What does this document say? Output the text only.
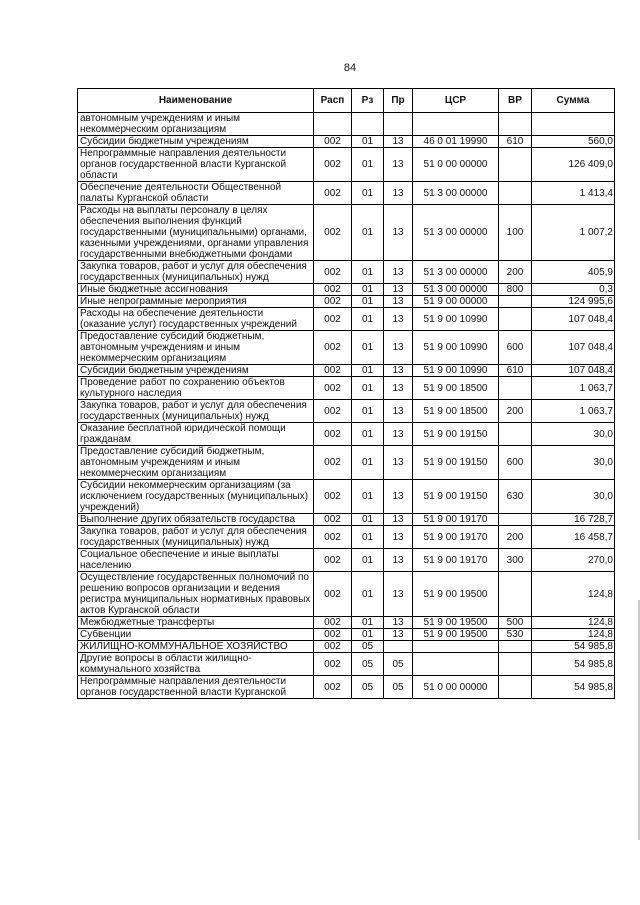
84
Наименование	Расп	Рз	Пр	ЦСР	ВР	Сумма
автономным учреждениям и иным некоммерческим организациям						
Субсидии бюджетным учреждениям	002	01	13	46 0 01 19990	610	560,0
Непрограммные направления деятельности органов государственной власти Курганской области	002	01	13	51 0 00 00000		126 409,0
Обеспечение деятельности Общественной палаты Курганской области	002	01	13	51 3 00 00000		1 413,4
Расходы на выплаты персоналу в целях обеспечения выполнения функций государственными (муниципальными) органами, казенными учреждениями, органами управления государственными внебюджетными фондами	002	01	13	51 3 00 00000	100	1 007,2
Закупка товаров, работ и услуг для обеспечения государственных (муниципальных) нужд	002	01	13	51 3 00 00000	200	405,9
Иные бюджетные ассигнования	002	01	13	51 3 00 00000	800	0,3
Иные непрограммные мероприятия	002	01	13	51 9 00 00000		124 995,6
Расходы на обеспечение деятельности (оказание услуг) государственных учреждений	002	01	13	51 9 00 10990		107 048,4
Предоставление субсидий бюджетным, автономным учреждениям и иным некоммерческим организациям	002	01	13	51 9 00 10990	600	107 048,4
Субсидии бюджетным учреждениям	002	01	13	51 9 00 10990	610	107 048,4
Проведение работ по сохранению объектов культурного наследия	002	01	13	51 9 00 18500		1 063,7
Закупка товаров, работ и услуг для обеспечения государственных (муниципальных) нужд	002	01	13	51 9 00 18500	200	1 063,7
Оказание бесплатной юридической помощи гражданам	002	01	13	51 9 00 19150		30,0
Предоставление субсидий бюджетным, автономным учреждениям и иным некоммерческим организациям	002	01	13	51 9 00 19150	600	30,0
Субсидии некоммерческим организациям (за исключением государственных (муниципальных) учреждений)	002	01	13	51 9 00 19150	630	30,0
Выполнение других обязательств государства	002	01	13	51 9 00 19170		16 728,7
Закупка товаров, работ и услуг для обеспечения государственных (муниципальных) нужд	002	01	13	51 9 00 19170	200	16 458,7
Социальное обеспечение и иные выплаты населению	002	01	13	51 9 00 19170	300	270,0
Осуществление государственных полномочий по решению вопросов организации и ведения регистра муниципальных нормативных правовых актов Курганской области	002	01	13	51 9 00 19500		124,8
Межбюджетные трансферты	002	01	13	51 9 00 19500	500	124,8
Субвенции	002	01	13	51 9 00 19500	530	124,8
ЖИЛИЩНО-КОММУНАЛЬНОЕ ХОЗЯЙСТВО	002	05				54 985,8
Другие вопросы в области жилищно-коммунального хозяйства	002	05	05			54 985,8
Непрограммные направления деятельности органов государственной власти Курганской	002	05	05	51 0 00 00000		54 985,8
